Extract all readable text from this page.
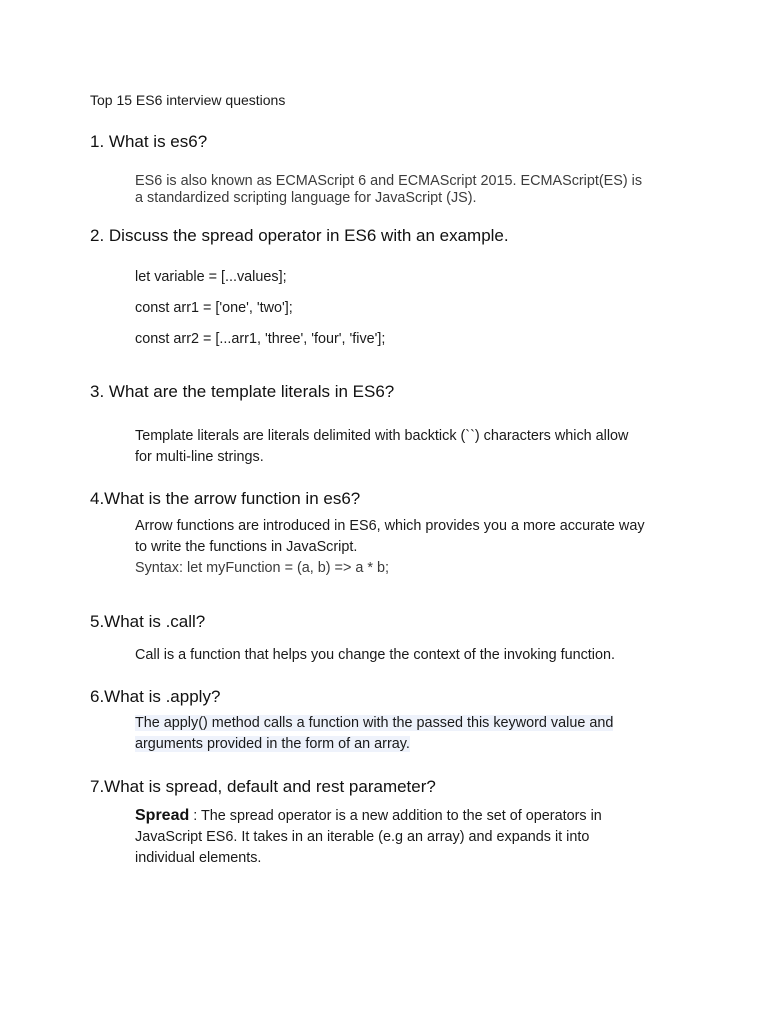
Top 15 ES6 interview questions
1. What is es6?
ES6 is also known as ECMAScript 6 and ECMAScript 2015. ECMAScript(ES) is
a standardized scripting language for JavaScript (JS).
2. Discuss the spread operator in ES6 with an example.
let variable = [...values];
const arr1 = ['one', 'two'];
const arr2 = [...arr1, 'three', 'four', 'five'];
3. What are the template literals in ES6?
Template literals are literals delimited with backtick (``) characters which allow
for multi-line strings.
4.What is the arrow function in es6?
Arrow functions are introduced in ES6, which provides you a more accurate way
to write the functions in JavaScript.
Syntax: let myFunction = (a, b) => a * b;
5.What is .call?
Call is a function that helps you change the context of the invoking function.
6.What is .apply?
The apply() method calls a function with the passed this keyword value and
arguments provided in the form of an array.
7.What is spread, default and rest parameter?
Spread : The spread operator is a new addition to the set of operators in
JavaScript ES6. It takes in an iterable (e.g an array) and expands it into
individual elements.
